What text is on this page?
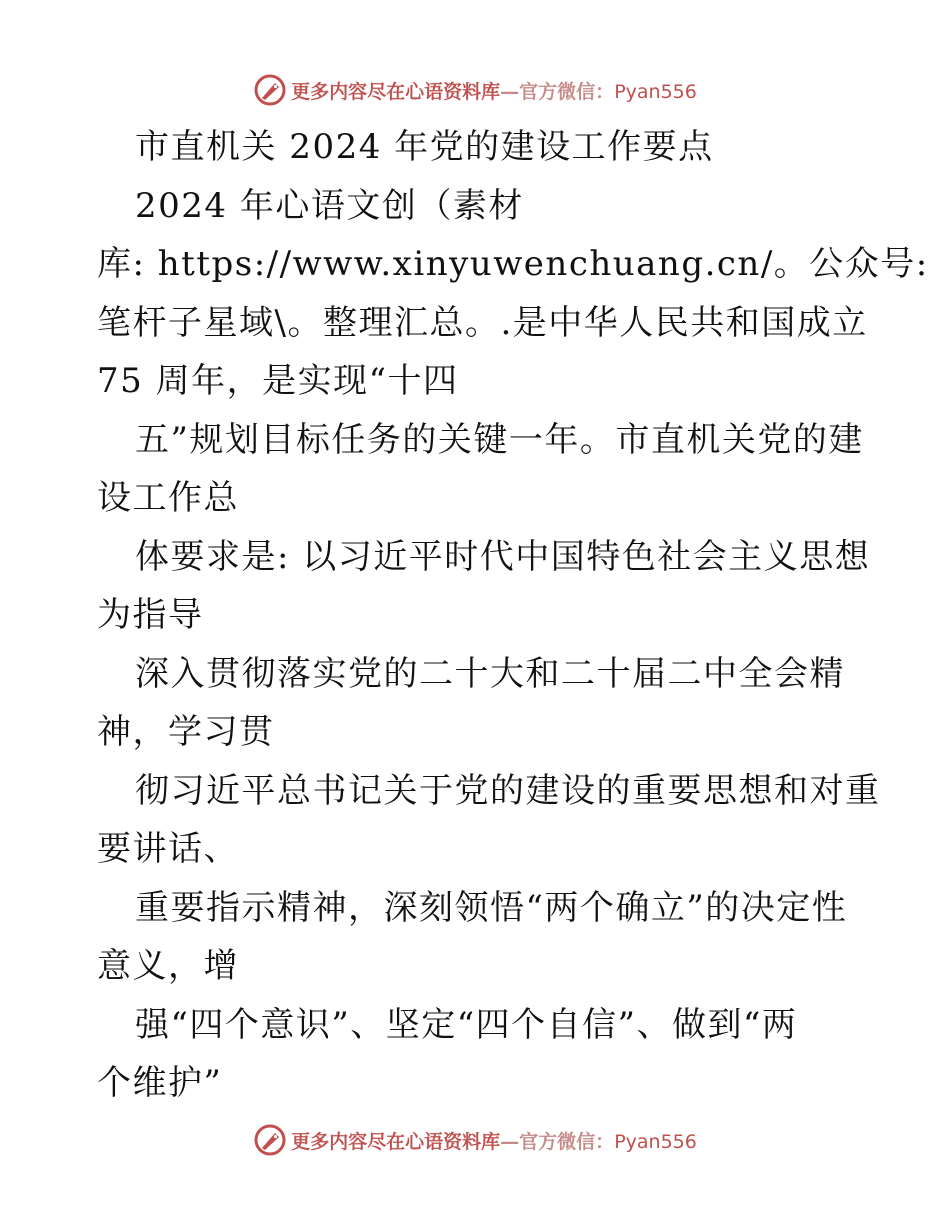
更多内容尽在心语资料库—官方微信：Pyan556
市直机关 2024 年党的建设工作要点
2024 年心语文创（素材
库: https://www.xinyuwenchuang.cn/。公众号:
笔杆子星域\。整理汇总。.是中华人民共和国成立
75 周年，是实现“十四
五”规划目标任务的关键一年。市直机关党的建
设工作总
体要求是: 以习近平时代中国特色社会主义思想
为指导
深入贯彻落实党的二十大和二十届二中全会精
神，学习贯
彻习近平总书记关于党的建设的重要思想和对重
要讲话、
重要指示精神，深刻领悟“两个确立”的决定性
意义，增
强“四个意识”、坚定“四个自信”、做到“两
个维护”
更多内容尽在心语资料库—官方微信：Pyan556
